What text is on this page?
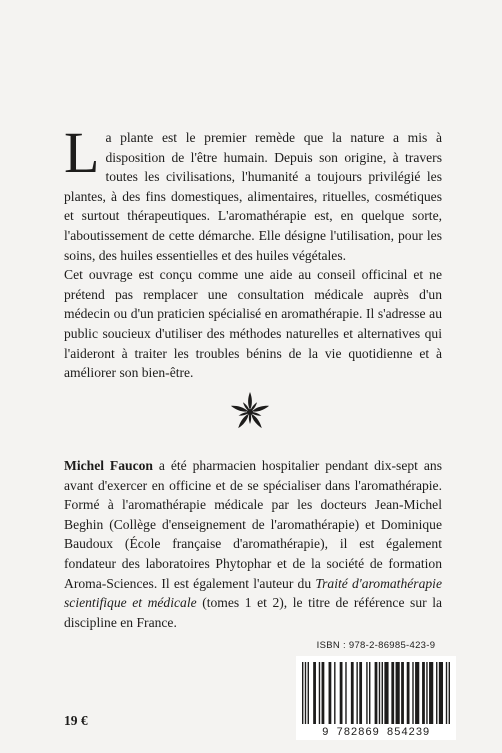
La plante est le premier remède que la nature a mis à disposition de l'être humain. Depuis son origine, à travers toutes les civilisations, l'humanité a toujours privilégié les plantes, à des fins domestiques, alimentaires, rituelles, cosmétiques et surtout thérapeutiques. L'aromathérapie est, en quelque sorte, l'aboutissement de cette démarche. Elle désigne l'utilisation, pour les soins, des huiles essentielles et des huiles végétales.

Cet ouvrage est conçu comme une aide au conseil officinal et ne prétend pas remplacer une consultation médicale auprès d'un médecin ou d'un praticien spécialisé en aromathérapie. Il s'adresse au public soucieux d'utiliser des méthodes naturelles et alternatives qui l'aideront à traiter les troubles bénins de la vie quotidienne et à améliorer son bien-être.

Michel Faucon a été pharmacien hospitalier pendant dix-sept ans avant d'exercer en officine et de se spécialiser dans l'aromathérapie. Formé à l'aromathérapie médicale par les docteurs Jean-Michel Beghin (Collège d'enseignement de l'aromathérapie) et Dominique Baudoux (École française d'aromathérapie), il est également fondateur des laboratoires Phytophar et de la société de formation Aroma-Sciences. Il est également l'auteur du Traité d'aromathérapie scientifique et médicale (tomes 1 et 2), le titre de référence sur la discipline en France.

ISBN : 978-2-86985-423-9
9 782869 854239
19 €
